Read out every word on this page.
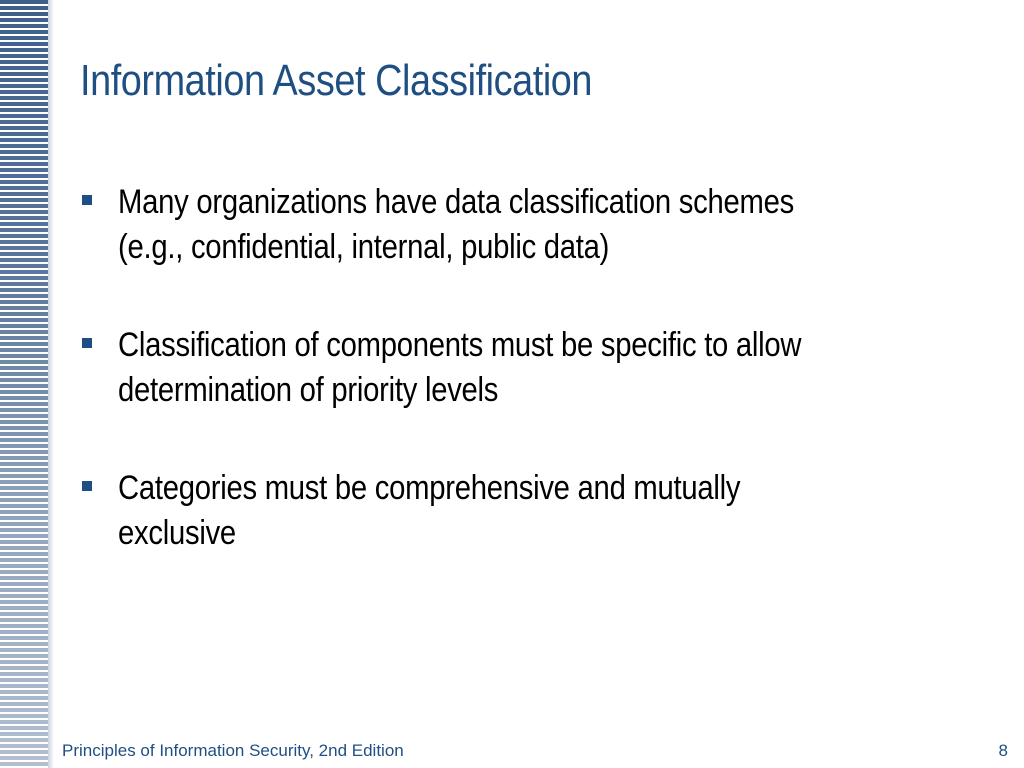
Information Asset Classification
Many organizations have data classification schemes (e.g., confidential, internal, public data)
Classification of components must be specific to allow determination of priority levels
Categories must be comprehensive and mutually exclusive
Principles of Information Security, 2nd Edition	8
